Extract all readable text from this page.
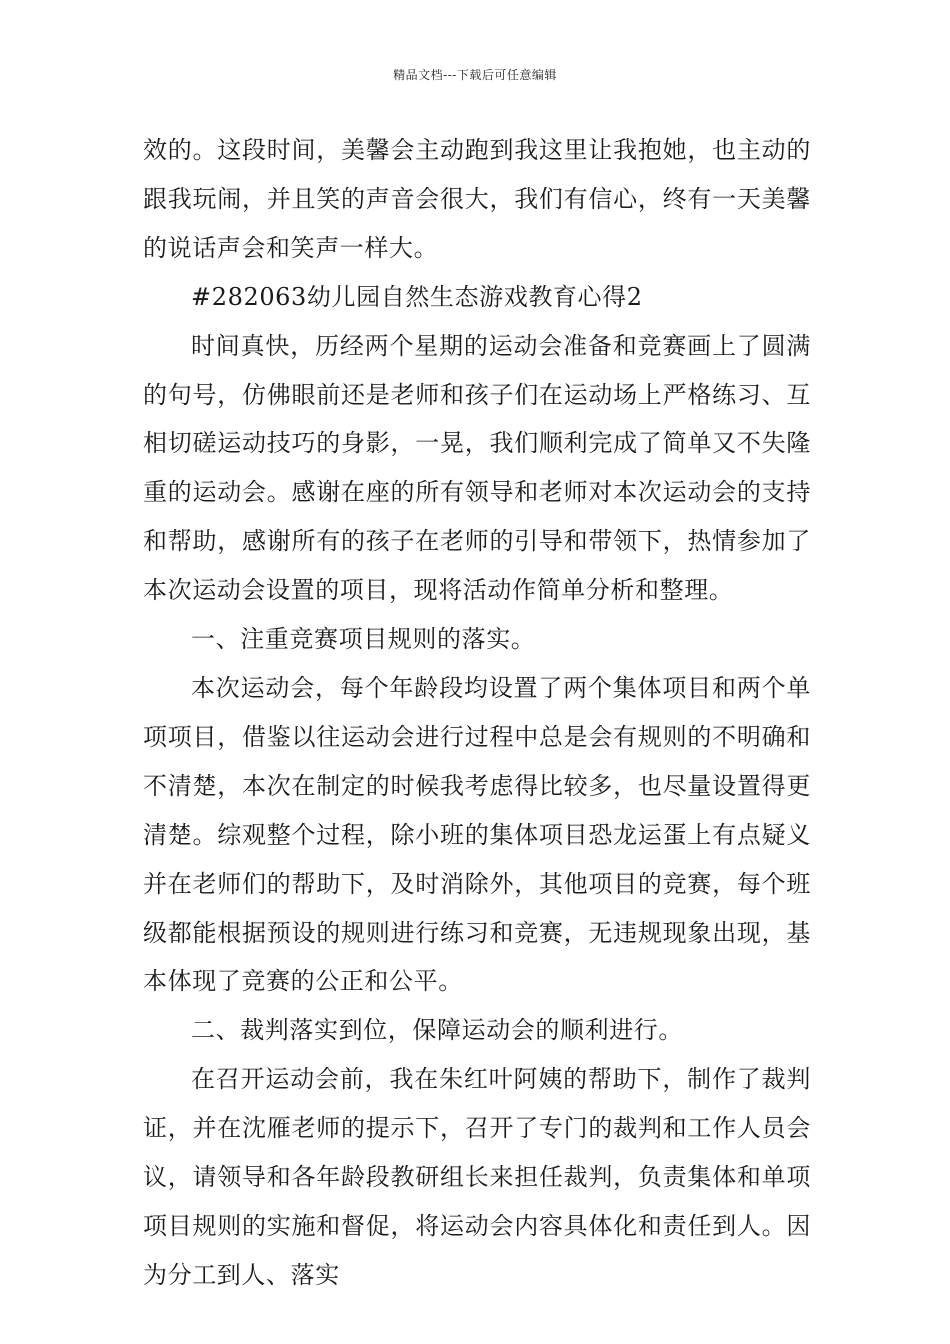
精品文档---下载后可任意编辑

效的。这段时间，美馨会主动跑到我这里让我抱她，也主动的跟我玩闹，并且笑的声音会很大，我们有信心，终有一天美馨的说话声会和笑声一样大。

#282063幼儿园自然生态游戏教育心得2

时间真快，历经两个星期的运动会准备和竞赛画上了圆满的句号，仿佛眼前还是老师和孩子们在运动场上严格练习、互相切磋运动技巧的身影，一晃，我们顺利完成了简单又不失隆重的运动会。感谢在座的所有领导和老师对本次运动会的支持和帮助，感谢所有的孩子在老师的引导和带领下，热情参加了本次运动会设置的项目，现将活动作简单分析和整理。

一、注重竞赛项目规则的落实。

本次运动会，每个年龄段均设置了两个集体项目和两个单项项目，借鉴以往运动会进行过程中总是会有规则的不明确和不清楚，本次在制定的时候我考虑得比较多，也尽量设置得更清楚。综观整个过程，除小班的集体项目恐龙运蛋上有点疑义并在老师们的帮助下，及时消除外，其他项目的竞赛，每个班级都能根据预设的规则进行练习和竞赛，无违规现象出现，基本体现了竞赛的公正和公平。

二、裁判落实到位，保障运动会的顺利进行。

在召开运动会前，我在朱红叶阿姨的帮助下，制作了裁判证，并在沈雁老师的提示下，召开了专门的裁判和工作人员会议，请领导和各年龄段教研组长来担任裁判，负责集体和单项项目规则的实施和督促，将运动会内容具体化和责任到人。因为分工到人、落实
